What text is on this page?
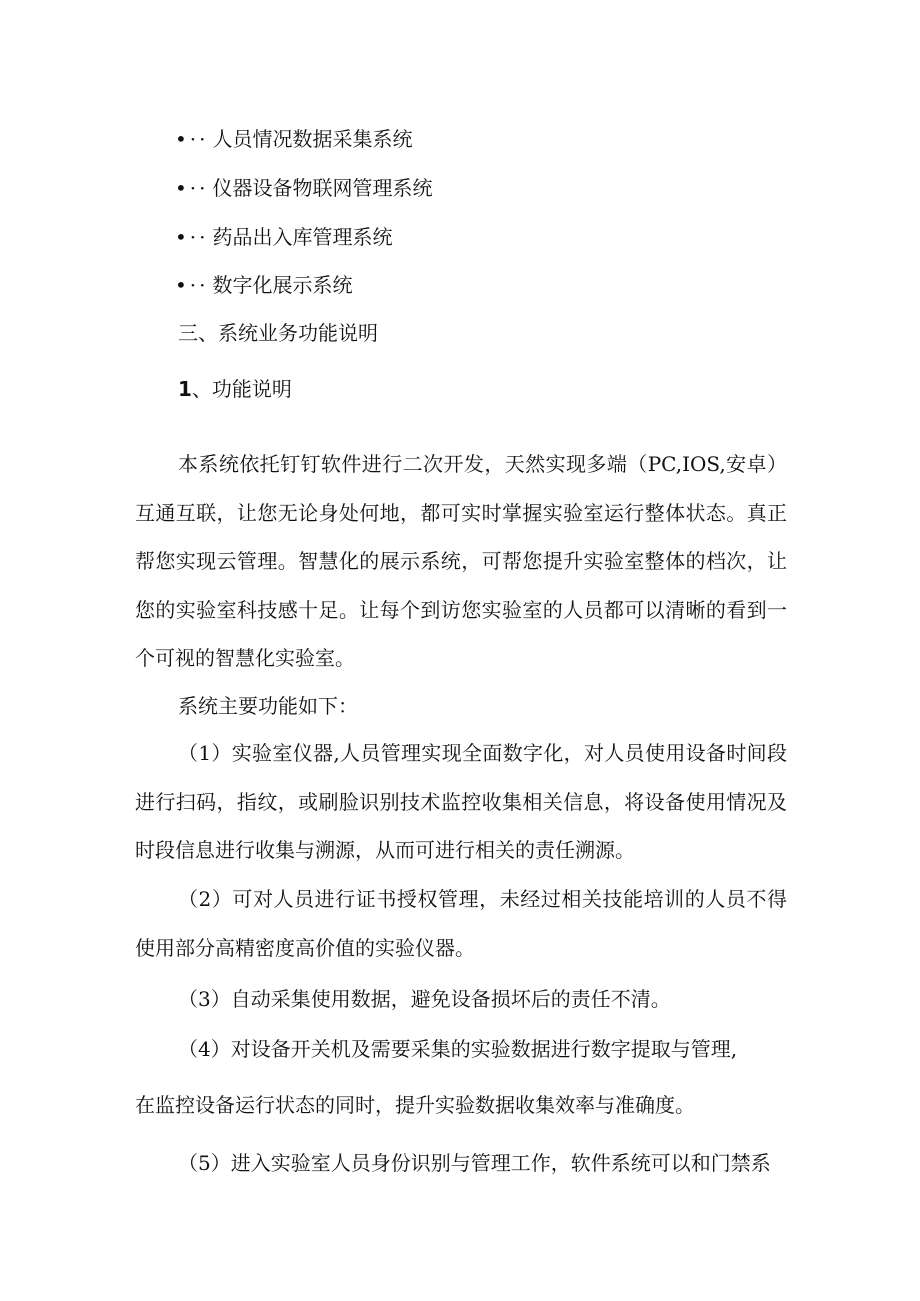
•·· 人员情况数据采集系统
•·· 仪器设备物联网管理系统
•·· 药品出入库管理系统
•·· 数字化展示系统
三、系统业务功能说明
1、功能说明

本系统依托钉钉软件进行二次开发，天然实现多端（PC,IOS,安卓）互通互联，让您无论身处何地，都可实时掌握实验室运行整体状态。真正帮您实现云管理。智慧化的展示系统，可帮您提升实验室整体的档次，让您的实验室科技感十足。让每个到访您实验室的人员都可以清晰的看到一个可视的智慧化实验室。

系统主要功能如下：

（1）实验室仪器,人员管理实现全面数字化，对人员使用设备时间段进行扫码，指纹，或刷脸识别技术监控收集相关信息，将设备使用情况及时段信息进行收集与溯源，从而可进行相关的责任溯源。

（2）可对人员进行证书授权管理，未经过相关技能培训的人员不得使用部分高精密度高价值的实验仪器。

（3）自动采集使用数据，避免设备损坏后的责任不清。
（4）对设备开关机及需要采集的实验数据进行数字提取与管理,
在监控设备运行状态的同时，提升实验数据收集效率与准确度。
（5）进入实验室人员身份识别与管理工作，软件系统可以和门禁系
